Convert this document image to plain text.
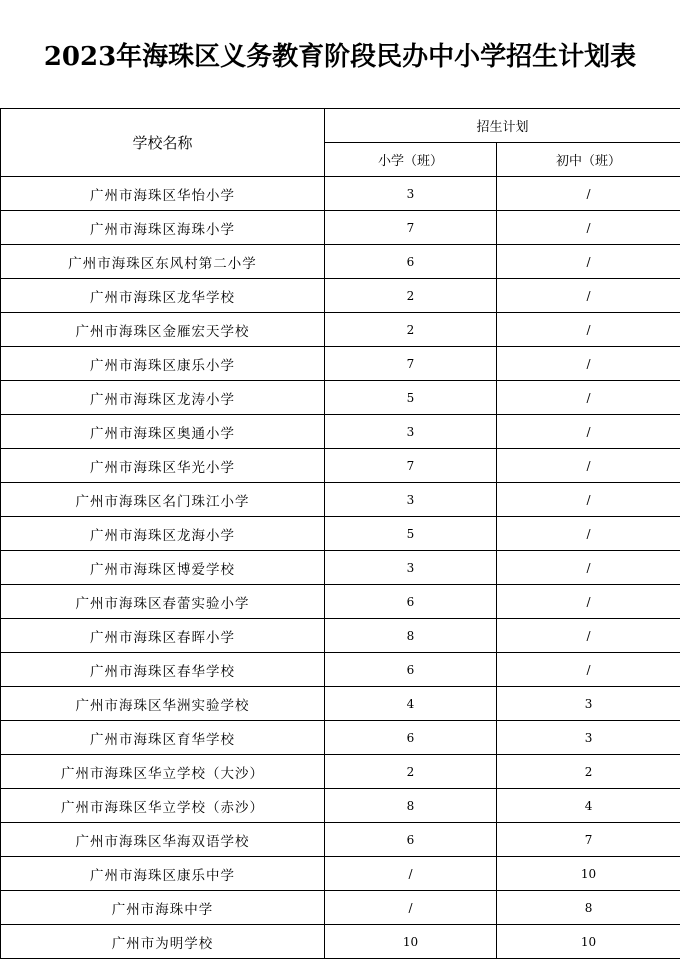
2023年海珠区义务教育阶段民办中小学招生计划表
学校名称	招生计划	
	小学（班）	初中（班）
广州市海珠区华怡小学	3	/
广州市海珠区海珠小学	7	/
广州市海珠区东风村第二小学	6	/
广州市海珠区龙华学校	2	/
广州市海珠区金雁宏天学校	2	/
广州市海珠区康乐小学	7	/
广州市海珠区龙涛小学	5	/
广州市海珠区奥通小学	3	/
广州市海珠区华光小学	7	/
广州市海珠区名门珠江小学	3	/
广州市海珠区龙海小学	5	/
广州市海珠区博爱学校	3	/
广州市海珠区春蕾实验小学	6	/
广州市海珠区春晖小学	8	/
广州市海珠区春华学校	6	/
广州市海珠区华洲实验学校	4	3
广州市海珠区育华学校	6	3
广州市海珠区华立学校（大沙）	2	2
广州市海珠区华立学校（赤沙）	8	4
广州市海珠区华海双语学校	6	7
广州市海珠区康乐中学	/	10
广州市海珠中学	/	8
广州市为明学校	10	10
